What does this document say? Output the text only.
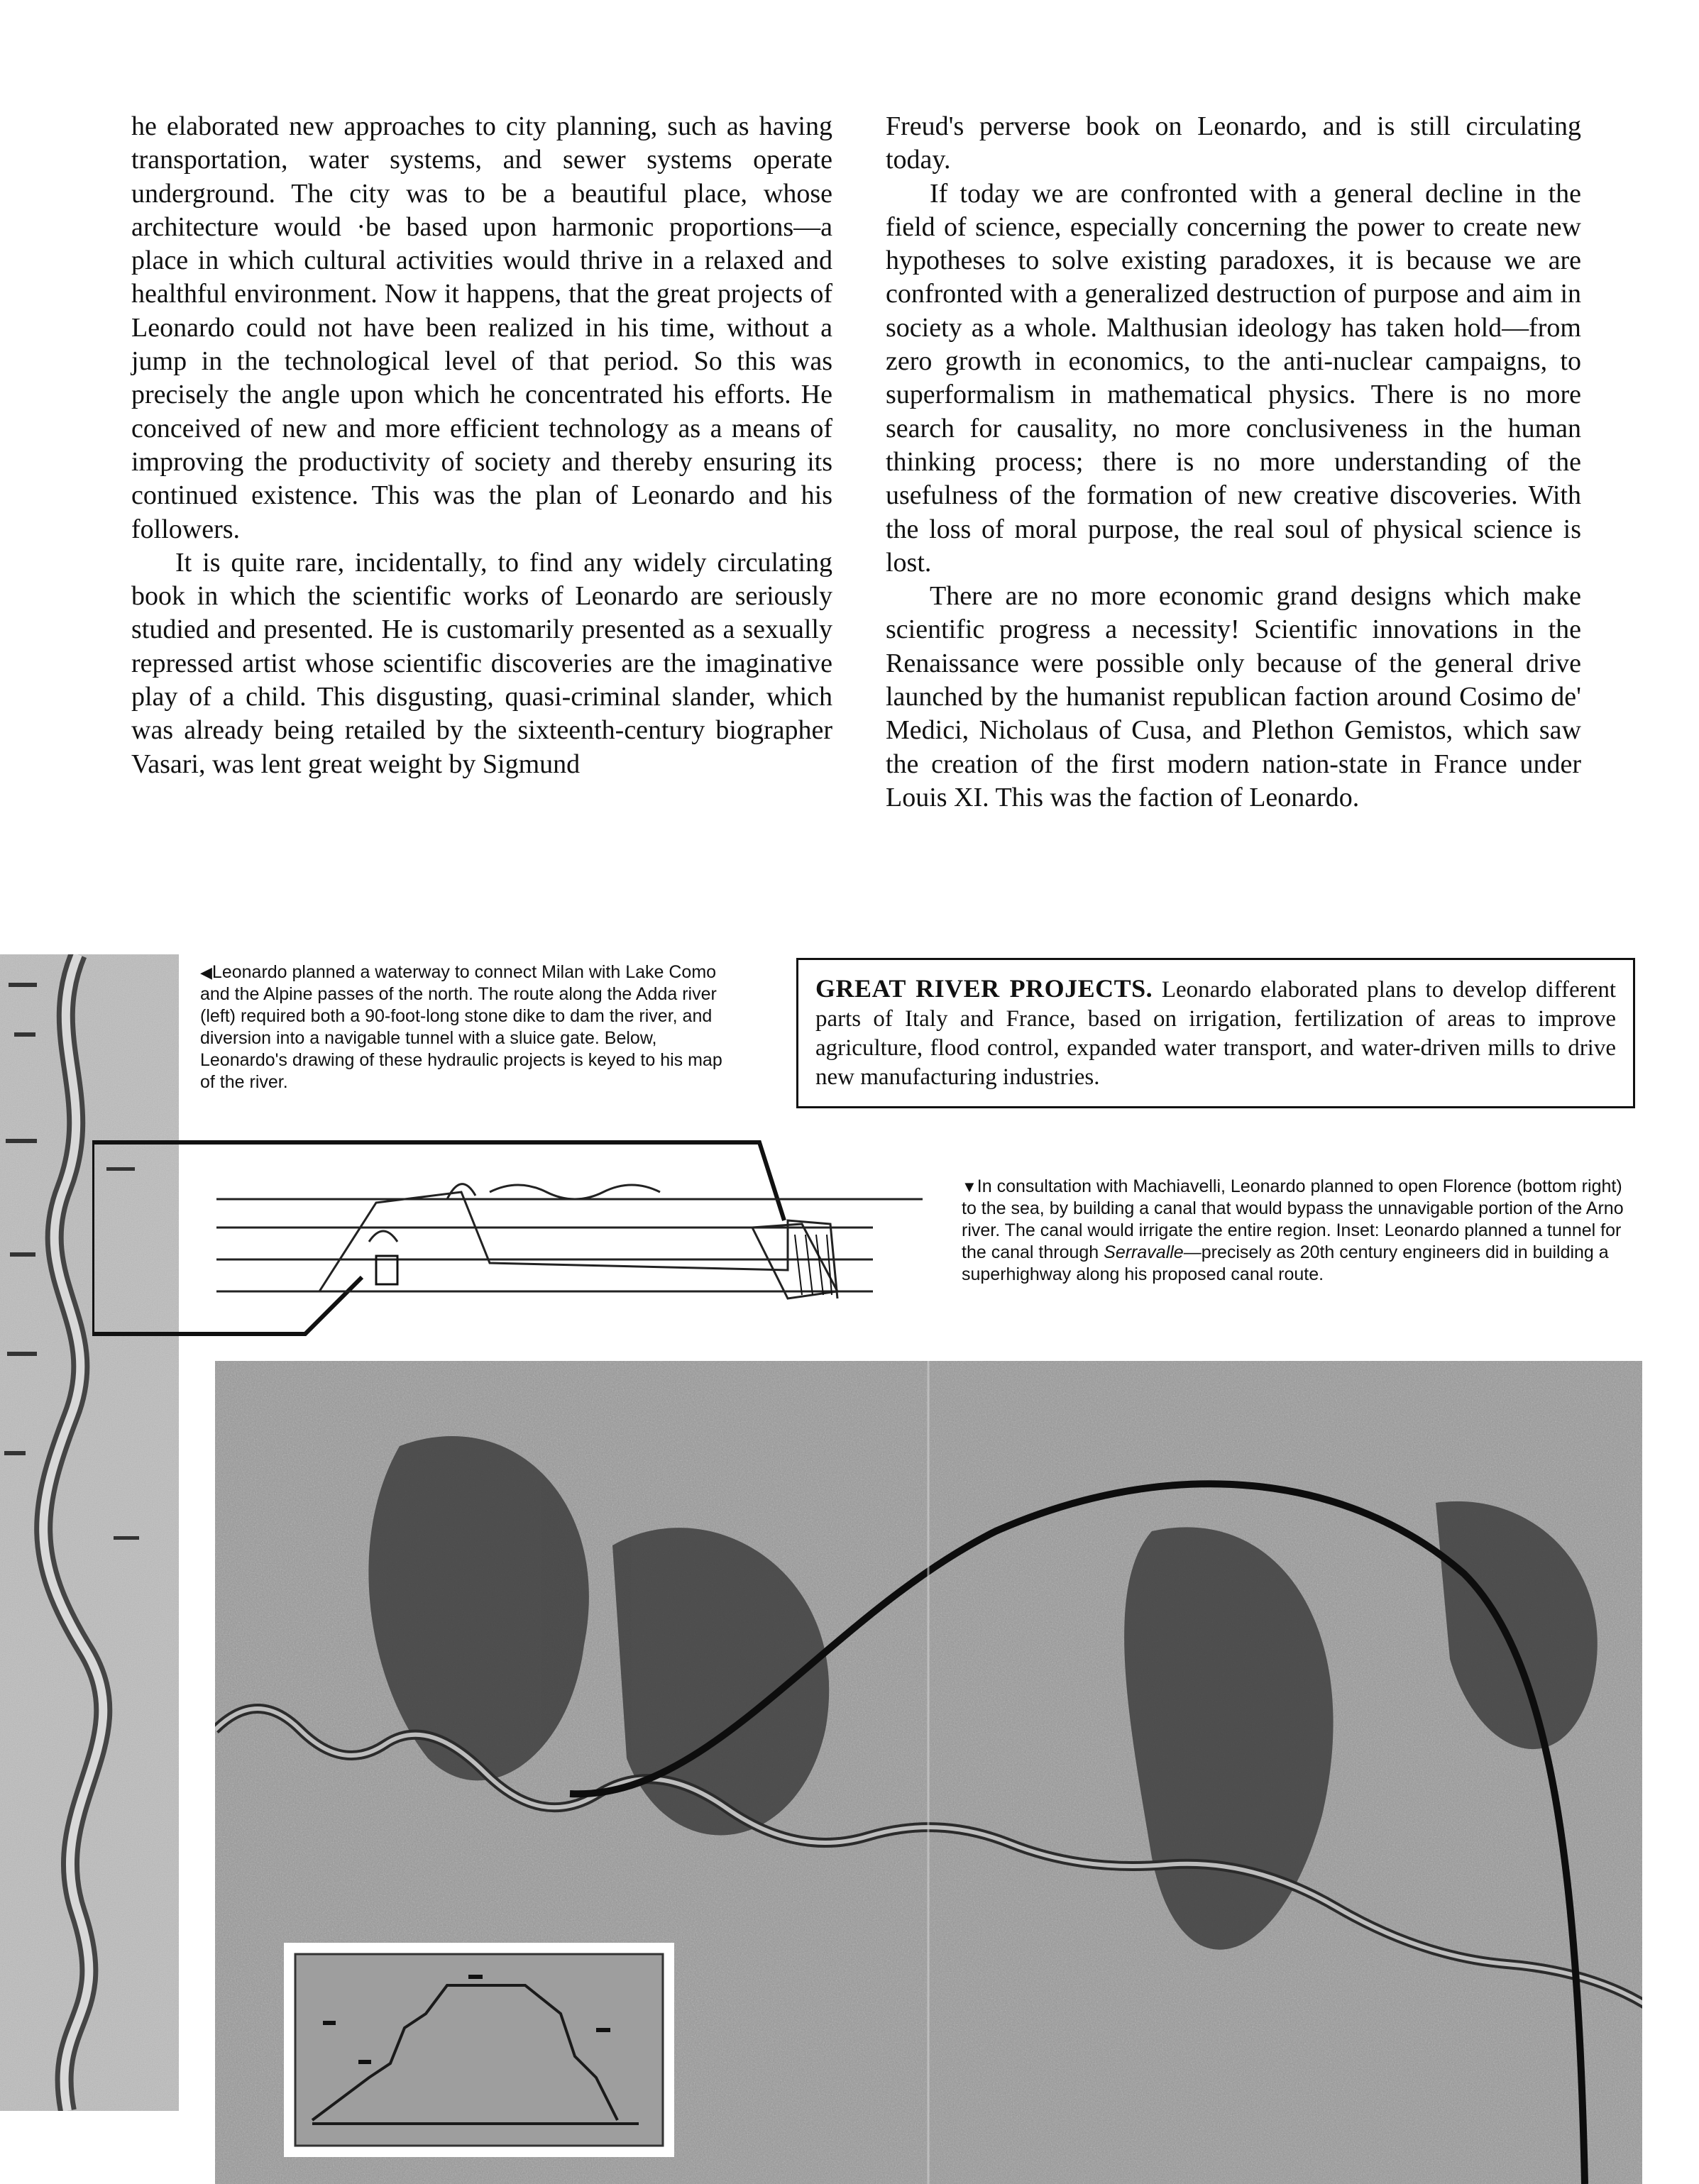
he elaborated new approaches to city planning, such as having transportation, water systems, and sewer systems operate underground. The city was to be a beautiful place, whose architecture would ·be based upon harmonic proportions—a place in which cultural activities would thrive in a relaxed and healthful environment. Now it happens, that the great projects of Leonardo could not have been realized in his time, without a jump in the technological level of that period. So this was precisely the angle upon which he concentrated his efforts. He conceived of new and more efficient technology as a means of improving the productivity of society and thereby ensuring its continued existence. This was the plan of Leonardo and his followers.

It is quite rare, incidentally, to find any widely circulating book in which the scientific works of Leonardo are seriously studied and presented. He is customarily presented as a sexually repressed artist whose scientific discoveries are the imaginative play of a child. This disgusting, quasi-criminal slander, which was already being retailed by the sixteenth-century biographer Vasari, was lent great weight by Sigmund

Freud's perverse book on Leonardo, and is still circulating today.

If today we are confronted with a general decline in the field of science, especially concerning the power to create new hypotheses to solve existing paradoxes, it is because we are confronted with a generalized destruction of purpose and aim in society as a whole. Malthusian ideology has taken hold—from zero growth in economics, to the anti-nuclear campaigns, to superformalism in mathematical physics. There is no more search for causality, no more conclusiveness in the human thinking process; there is no more understanding of the usefulness of the formation of new creative discoveries. With the loss of moral purpose, the real soul of physical science is lost.

There are no more economic grand designs which make scientific progress a necessity! Scientific innovations in the Renaissance were possible only because of the general drive launched by the humanist republican faction around Cosimo de' Medici, Nicholaus of Cusa, and Plethon Gemistos, which saw the creation of the first modern nation-state in France under Louis XI. This was the faction of Leonardo.

◀Leonardo planned a waterway to connect Milan with Lake Como and the Alpine passes of the north. The route along the Adda river (left) required both a 90-foot-long stone dike to dam the river, and diversion into a navigable tunnel with a sluice gate. Below, Leonardo's drawing of these hydraulic projects is keyed to his map of the river.
GREAT RIVER PROJECTS. Leonardo elaborated plans to develop different parts of Italy and France, based on irrigation, fertilization of areas to improve agriculture, flood control, expanded water transport, and water-driven mills to drive new manufacturing industries.
▼In consultation with Machiavelli, Leonardo planned to open Florence (bottom right) to the sea, by building a canal that would bypass the unnavigable portion of the Arno river. The canal would irrigate the entire region. Inset: Leonardo planned a tunnel for the canal through Serravalle—precisely as 20th century engineers did in building a superhighway along his proposed canal route.
